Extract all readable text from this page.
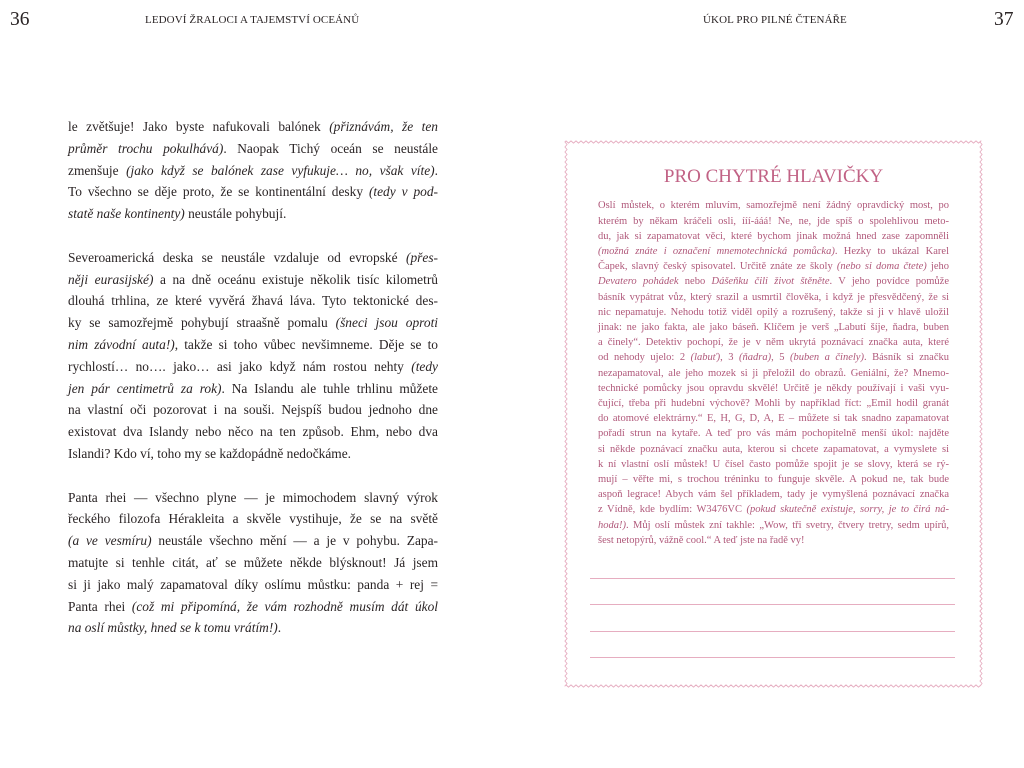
36	LEDOVÍ ŽRALOCI A TAJEMSTVÍ OCEÁNŮ
le zvětšuje! Jako byste nafukovali balónek (přiznávám, že ten
průměr trochu pokulhává). Naopak Tichý oceán se neustále
zmenšuje (jako když se balónek zase vyfukuje… no, však víte).
To všechno se děje proto, že se kontinentální desky (tedy v pod-
statě naše kontinenty) neustále pohybují.
Severoamerická deska se neustále vzdaluje od evropské (přes-
něji eurasijské) a na dně oceánu existuje několik tisíc kilometrů
dlouhá trhlina, ze které vyvěrá žhavá láva. Tyto tektonické des-
ky se samozřejmě pohybují straašně pomalu (šneci jsou oproti
nim závodní auta!), takže si toho vůbec nevšimneme. Děje se to
rychlostí… no…. jako… asi jako když nám rostou nehty (tedy
jen pár centimetrů za rok). Na Islandu ale tuhle trhlinu můžete
na vlastní oči pozorovat i na souši. Nejspíš budou jednoho dne
existovat dva Islandy nebo něco na ten způsob. Ehm, nebo dva
Islandi? Kdo ví, toho my se každopádně nedočkáme.
Panta rhei — všechno plyne — je mimochodem slavný výrok
řeckého filozofa Hérakleita a skvěle vystihuje, že se na světě
(a ve vesmíru) neustále všechno mění — a je v pohybu. Zapa-
matujte si tenhle citát, ať se můžete někde blýsknout! Já jsem
si ji jako malý zapamatoval díky oslímu můstku: panda + rej =
Panta rhei (což mi připomíná, že vám rozhodně musím dát úkol
na oslí můstky, hned se k tomu vrátím!).
ÚKOL PRO PILNÉ ČTENÁŘE	37
PRO CHYTRÉ HLAVIČKY
Oslí můstek, o kterém mluvím, samozřejmě není žádný opravdický most, po
kterém by někam kráčeli osli, ííí-ááá! Ne, ne, jde spíš o spolehlivou meto-
du, jak si zapamatovat věci, které bychom jinak možná hned zase zapomněli
(možná znáte i označení mnemotechnická pomůcka). Hezky to ukázal Karel
Čapek, slavný český spisovatel. Určitě znáte ze školy (nebo si doma čtete) jeho
Devatero pohádek nebo Dášeňku čili život štěněte. V jeho povídce pomůže
básník vypátrat vůz, který srazil a usmrtil člověka, i když je přesvědčený, že si
nic nepamatuje. Nehodu totiž viděl opilý a rozrušený, takže si ji v hlavě uložil
jinak: ne jako fakta, ale jako báseň. Klíčem je verš „Labutí šíje, ňadra, buben
a činely“. Detektiv pochopí, že je v něm ukrytá poznávací značka auta, které
od nehody ujelo: 2 (labuť), 3 (ňadra), 5 (buben a činely). Básník si značku
nezapamatoval, ale jeho mozek si ji přeložil do obrazů. Geniální, že? Mnemo-
technické pomůcky jsou opravdu skvělé! Určitě je někdy používají i vaši vyu-
čující, třeba při hudební výchově? Mohli by například říct: „Emil hodil granát
do atomové elektrárny.“ E, H, G, D, A, E – můžete si tak snadno zapamatovat
pořadí strun na kytaře. A teď pro vás mám pochopitelně menší úkol: najděte
si někde poznávací značku auta, kterou si chcete zapamatovat, a vymyslete si
k ní vlastní oslí můstek! U čísel často pomůže spojit je se slovy, která se rý-
mují – věřte mi, s trochou tréninku to funguje skvěle. A pokud ne, tak bude
aspoň legrace! Abych vám šel příkladem, tady je vymyšlená poznávací značka
z Vídně, kde bydlím: W3476VC (pokud skutečně existuje, sorry, je to čirá ná-
hoda!). Můj oslí můstek zní takhle: „Wow, tři svetry, čtvery tretry, sedm upírů,
šest netopýrů, vážně cool.“ A teď jste na řadě vy!
